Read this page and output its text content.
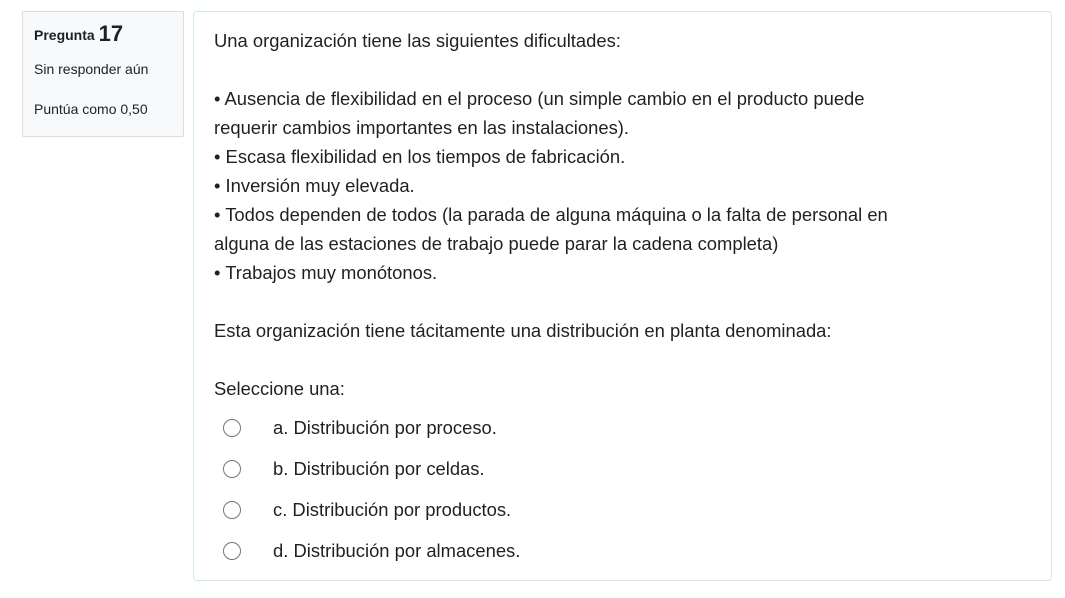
Pregunta 17
Sin responder aún
Puntúa como 0,50

Una organización tiene las siguientes dificultades:

• Ausencia de flexibilidad en el proceso (un simple cambio en el producto puede

requerir cambios importantes en las instalaciones).

• Escasa flexibilidad en los tiempos de fabricación.

• Inversión muy elevada.

• Todos dependen de todos (la parada de alguna máquina o la falta de personal en

alguna de las estaciones de trabajo puede parar la cadena completa)

• Trabajos muy monótonos.

Esta organización tiene tácitamente una distribución en planta denominada:

Seleccione una:
a. Distribución por proceso.
b. Distribución por celdas.
c. Distribución por productos.
d. Distribución por almacenes.
